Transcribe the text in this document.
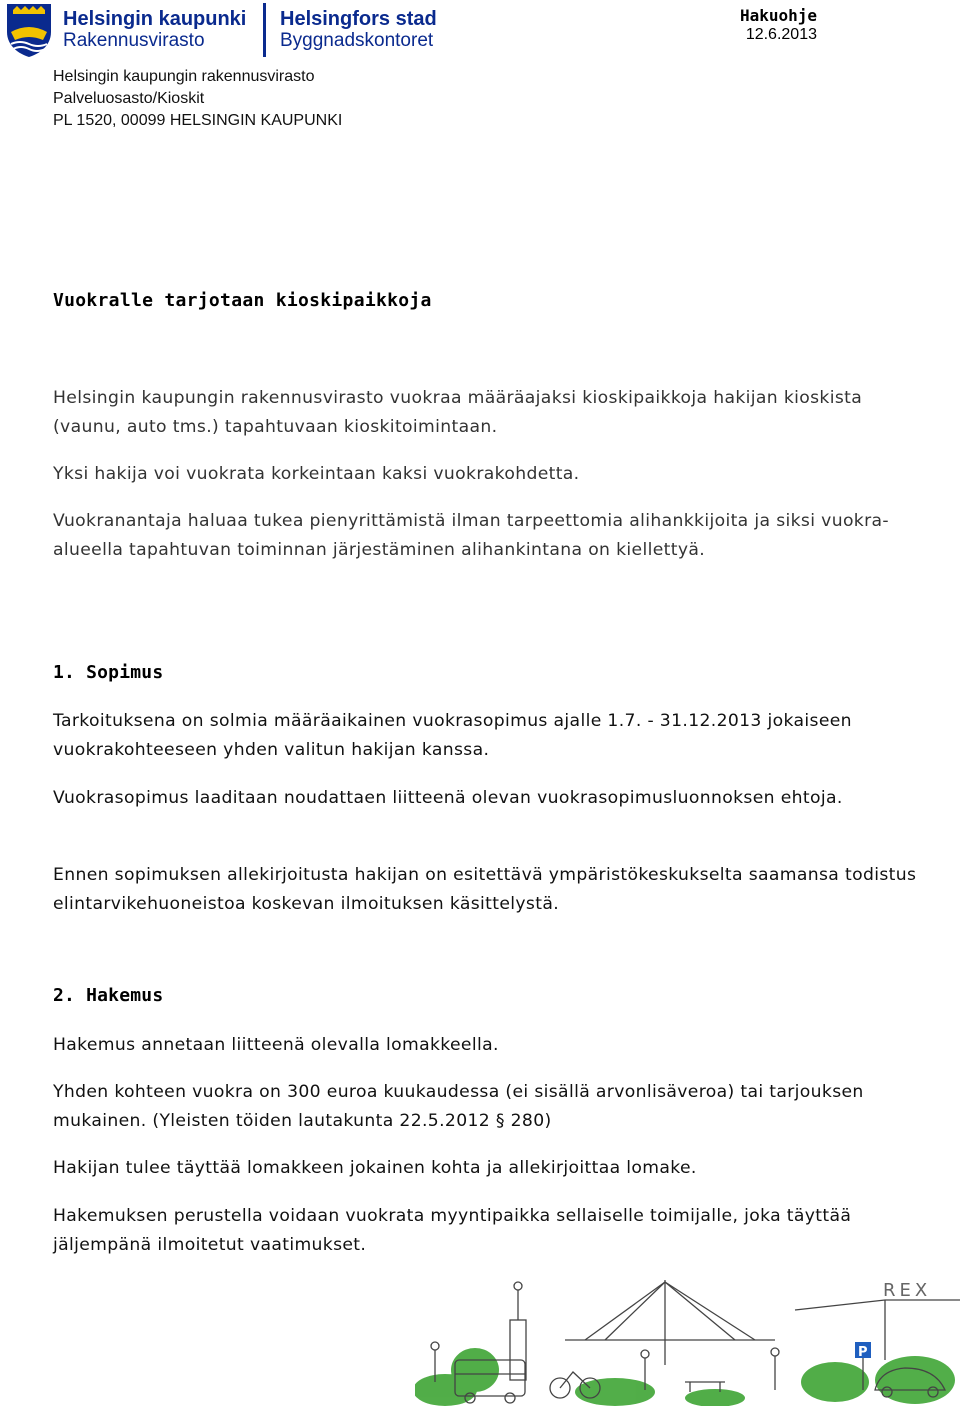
Helsingin kaupunki
Rakennusvirasto
Helsingfors stad
Byggnadskontoret
Hakuohje
12.6.2013
Helsingin kaupungin rakennusvirasto
Palveluosasto/Kioskit
PL 1520, 00099 HELSINGIN KAUPUNKI
Vuokralle tarjotaan kioskipaikkoja
Helsingin kaupungin rakennusvirasto vuokraa määräajaksi kioskipaikkoja hakijan kioskista (vaunu, auto tms.) tapahtuvaan kioskitoimintaan.
Yksi hakija voi vuokrata korkeintaan kaksi vuokrakohdetta.
Vuokranantaja haluaa tukea pienyrittämistä ilman tarpeettomia alihankkijoita ja siksi vuokra-alueella tapahtuvan toiminnan järjestäminen alihankintana on kiellettyä.
1. Sopimus
Tarkoituksena on solmia määräaikainen vuokrasopimus ajalle 1.7. - 31.12.2013 jokaiseen vuokrakohteeseen yhden valitun hakijan kanssa.
Vuokrasopimus laaditaan noudattaen liitteenä olevan vuokrasopimusluonnoksen ehtoja.
Ennen sopimuksen allekirjoitusta hakijan on esitettävä ympäristökeskukselta saamansa todistus elintarvikehuoneistoa koskevan ilmoituksen käsittelystä.
2. Hakemus
Hakemus annetaan liitteenä olevalla lomakkeella.
Yhden kohteen vuokra on 300 euroa kuukaudessa (ei sisällä arvonlisäveroa) tai tarjouksen mukainen. (Yleisten töiden lautakunta 22.5.2012 § 280)
Hakijan tulee täyttää lomakkeen jokainen kohta ja allekirjoittaa lomake.
Hakemuksen perustella voidaan vuokrata myyntipaikka sellaiselle toimijalle, joka täyttää jäljempänä ilmoitetut vaatimukset.
REX
P
